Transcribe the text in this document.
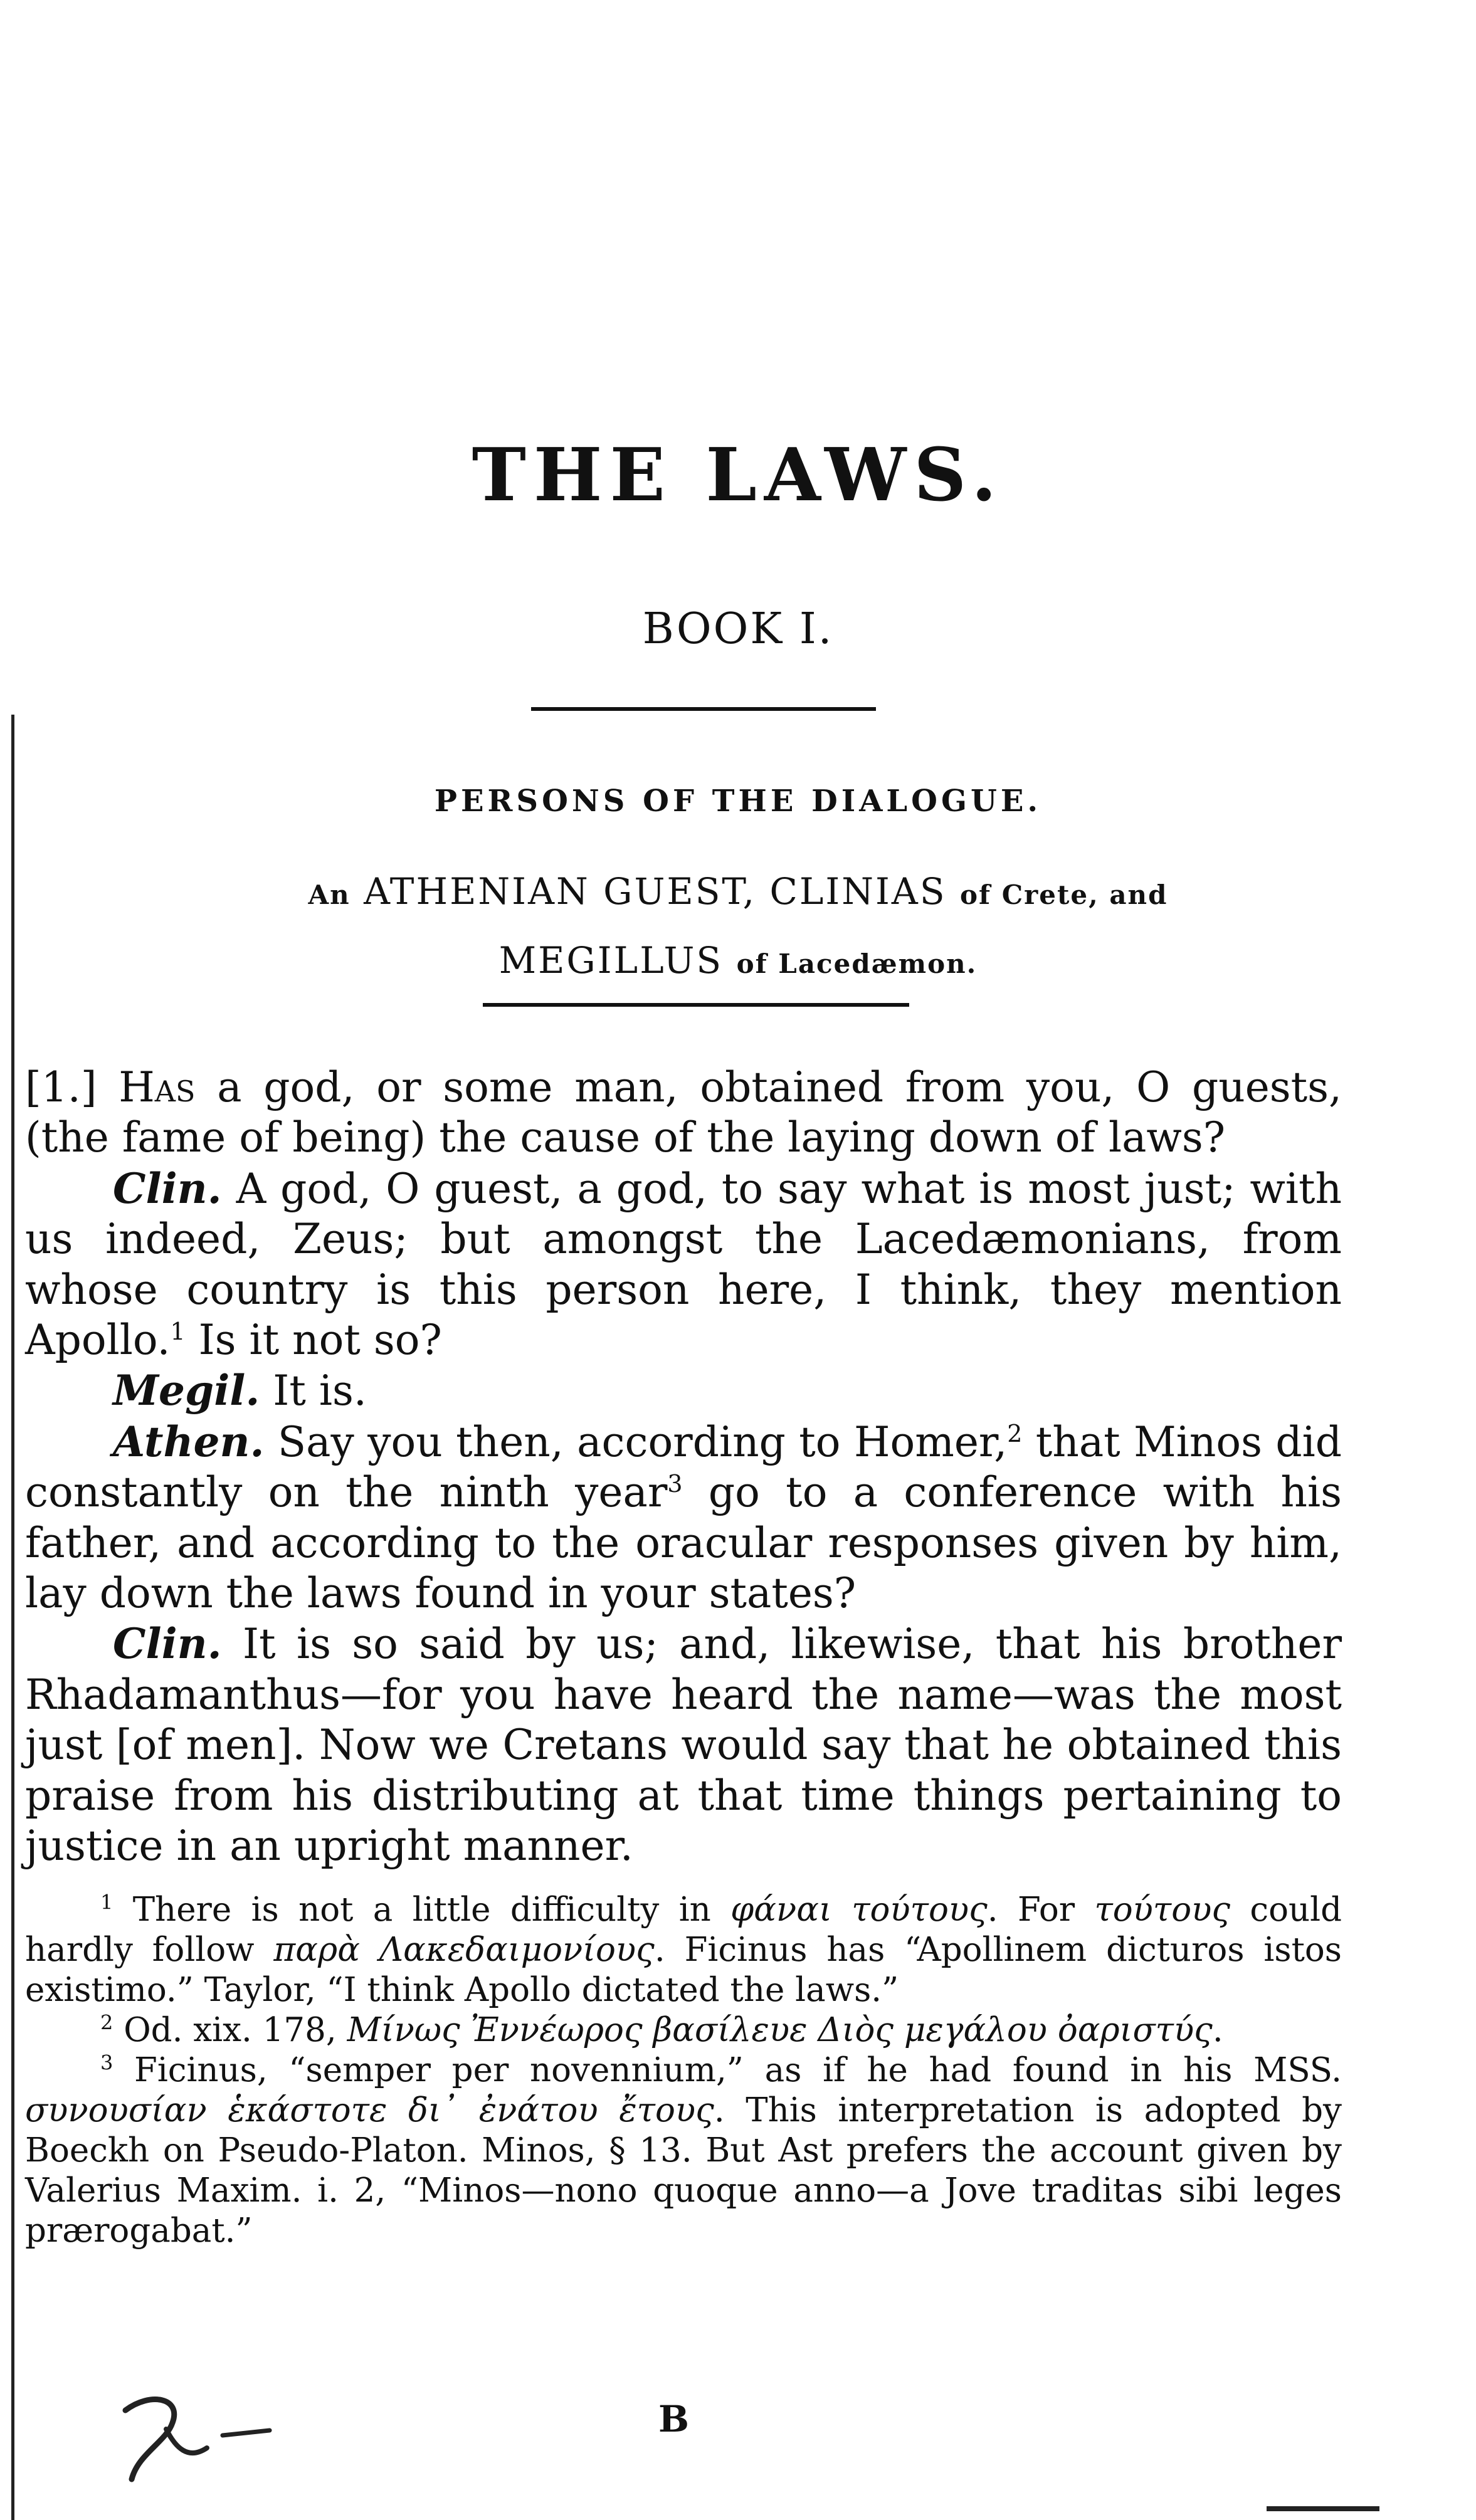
THE LAWS.
BOOK I.
PERSONS OF THE DIALOGUE.
An ATHENIAN GUEST, CLINIAS of Crete, and
MEGILLUS of Lacedæmon.

[1.] Has a god, or some man, obtained from you, O guests, (the fame of being) the cause of the laying down of laws?

Clin. A god, O guest, a god, to say what is most just; with us indeed, Zeus; but amongst the Lacedæmonians, from whose country is this person here, I think, they mention Apollo.$^1$ Is it not so?

Megil. It is.

Athen. Say you then, according to Homer,$^2$ that Minos did constantly on the ninth year$^3$ go to a conference with his father, and according to the oracular responses given by him, lay down the laws found in your states?

Clin. It is so said by us; and, likewise, that his brother Rhadamanthus—for you have heard the name—was the most just [of men]. Now we Cretans would say that he obtained this praise from his distributing at that time things pertaining to justice in an upright manner.

$^1$ There is not a little difficulty in φάναι τούτους. For τούτους could hardly follow παρὰ Λακεδαιμονίους. Ficinus has “Apollinem dicturos istos existimo.” Taylor, “I think Apollo dictated the laws.”

$^2$ Od. xix. 178, Μίνως Ἐννέωρος βασίλευε Διὸς μεγάλου ὀαριστύς.

$^3$ Ficinus, “semper per novennium,” as if he had found in his MSS. συνουσίαν ἑκάστοτε δι᾽ ἐνάτου ἔτους. This interpretation is adopted by Boeckh on Pseudo-Platon. Minos, § 13. But Ast prefers the account given by Valerius Maxim. i. 2, “Minos—nono quoque anno—a Jove traditas sibi leges prærogabat.”

B
